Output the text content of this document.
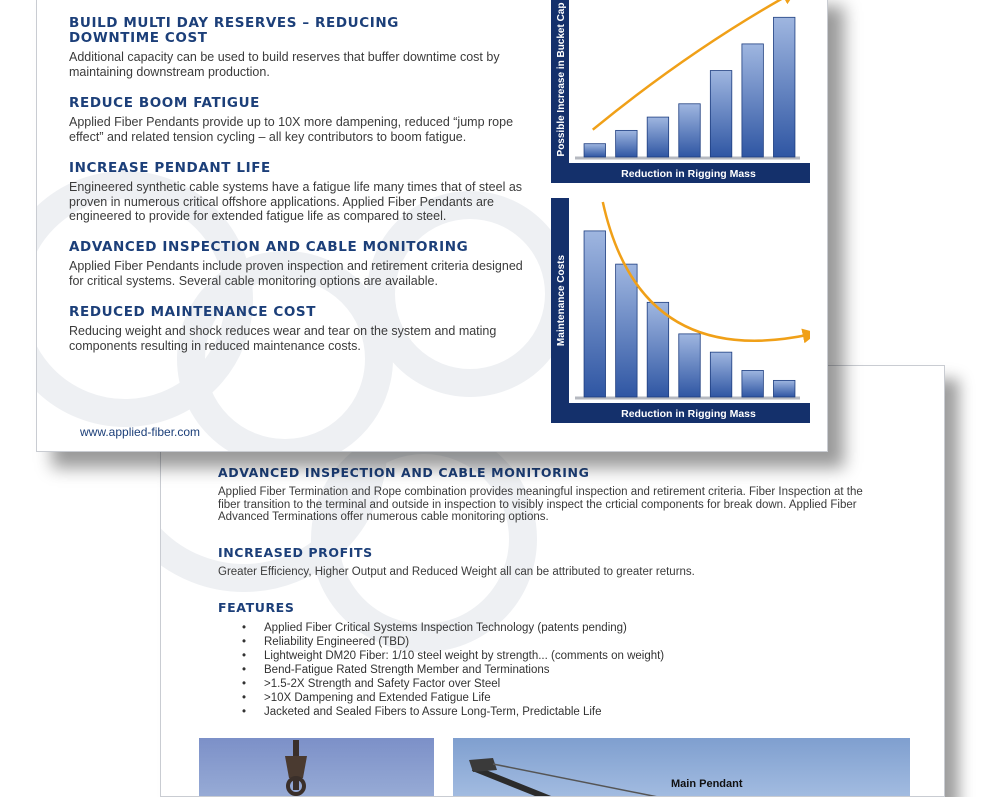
ADVANCED INSPECTION AND CABLE MONITORING

Applied Fiber Termination and Rope combination provides meaningful inspection and retirement criteria. Fiber Inspection at the fiber transition to the terminal and outside in inspection to visibly inspect the crticial components for break down. Applied Fiber Advanced Terminations offer numerous cable monitoring options.

INCREASED PROFITS

Greater Efficiency, Higher Output and Reduced Weight all can be attributed to greater returns.

FEATURES
• Applied Fiber Critical Systems Inspection Technology (patents pending)
• Reliability Engineered (TBD)
• Lightweight DM20 Fiber: 1/10 steel weight by strength... (comments on weight)
• Bend-Fatigue Rated Strength Member and Terminations
• >1.5-2X Strength and Safety Factor over Steel
• >10X Dampening and Extended Fatigue Life
• Jacketed and Sealed Fibers to Assure Long-Term, Predictable Life
Main Pendant
BUILD MULTI DAY RESERVES – REDUCING DOWNTIME COST

Additional capacity can be used to build reserves that buffer downtime cost by maintaining downstream production.

REDUCE BOOM FATIGUE

Applied Fiber Pendants provide up to 10X more dampening, reduced “jump rope effect” and related tension cycling – all key contributors to boom fatigue.

INCREASE PENDANT LIFE

Engineered synthetic cable systems have a fatigue life many times that of steel as proven in numerous critical offshore applications. Applied Fiber Pendants are engineered to provide for extended fatigue life as compared to steel.

ADVANCED INSPECTION AND CABLE MONITORING

Applied Fiber Pendants include proven inspection and retirement criteria designed for critical systems. Several cable monitoring options are available.

REDUCED MAINTENANCE COST

Reducing weight and shock reduces wear and tear on the system and mating components resulting in reduced maintenance costs.

www.applied-fiber.com
Reduction in Rigging Mass
Possible Increase in Bucket Cap
Reduction in Rigging Mass
Maintenance Costs
